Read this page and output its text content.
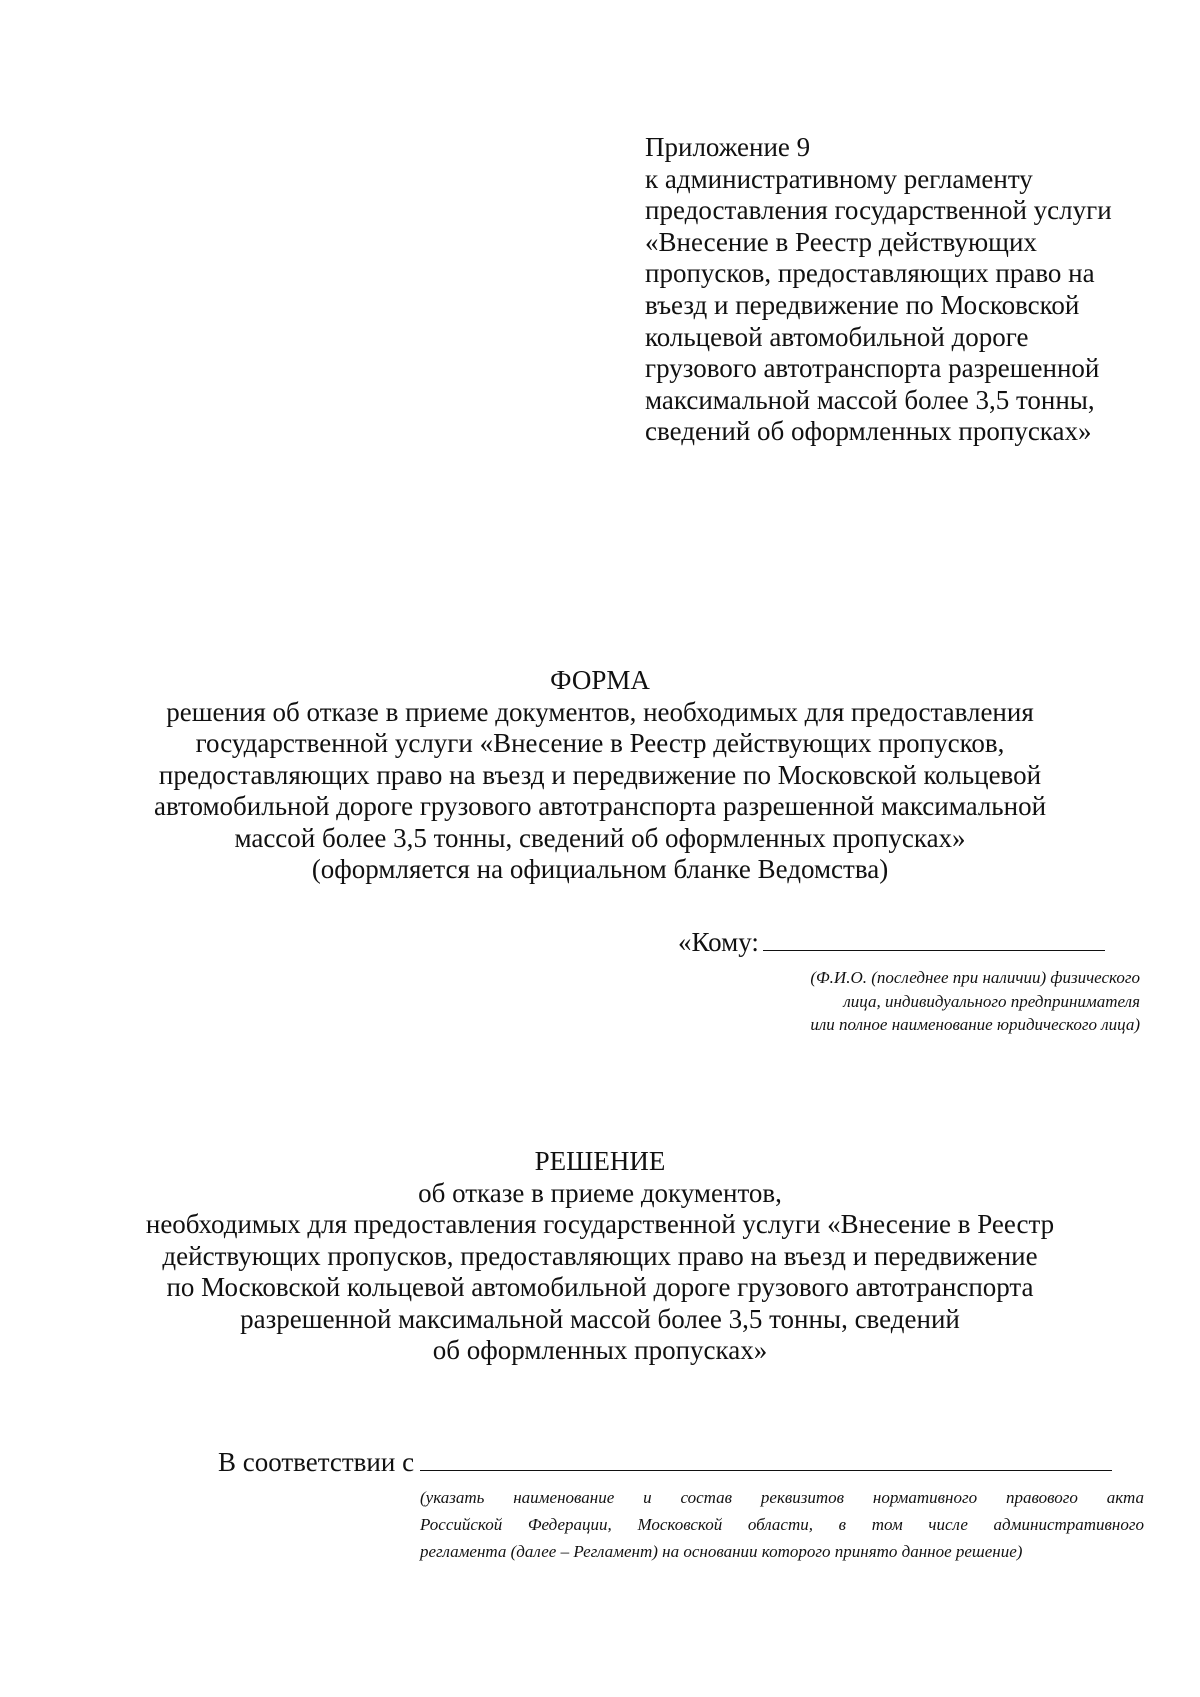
Приложение 9
к административному регламенту
предоставления государственной услуги
«Внесение в Реестр действующих
пропусков, предоставляющих право на
въезд и передвижение по Московской
кольцевой автомобильной дороге
грузового автотранспорта разрешенной
максимальной массой более 3,5 тонны,
сведений об оформленных пропусках»
ФОРМА
решения об отказе в приеме документов, необходимых для предоставления
государственной услуги «Внесение в Реестр действующих пропусков,
предоставляющих право на въезд и передвижение по Московской кольцевой
автомобильной дороге грузового автотранспорта разрешенной максимальной
массой более 3,5 тонны, сведений об оформленных пропусках»
(оформляется на официальном бланке Ведомства)
«Кому:
(Ф.И.О. (последнее при наличии) физического
лица, индивидуального предпринимателя
или полное наименование юридического лица)
РЕШЕНИЕ
об отказе в приеме документов,
необходимых для предоставления государственной услуги «Внесение в Реестр
действующих пропусков, предоставляющих право на въезд и передвижение
по Московской кольцевой автомобильной дороге грузового автотранспорта
разрешенной максимальной массой более 3,5 тонны, сведений
об оформленных пропусках»
В соответствии с
(указать наименование и состав реквизитов нормативного правового акта
Российской Федерации, Московской области, в том числе административного
регламента (далее – Регламент) на основании которого принято данное решение)
